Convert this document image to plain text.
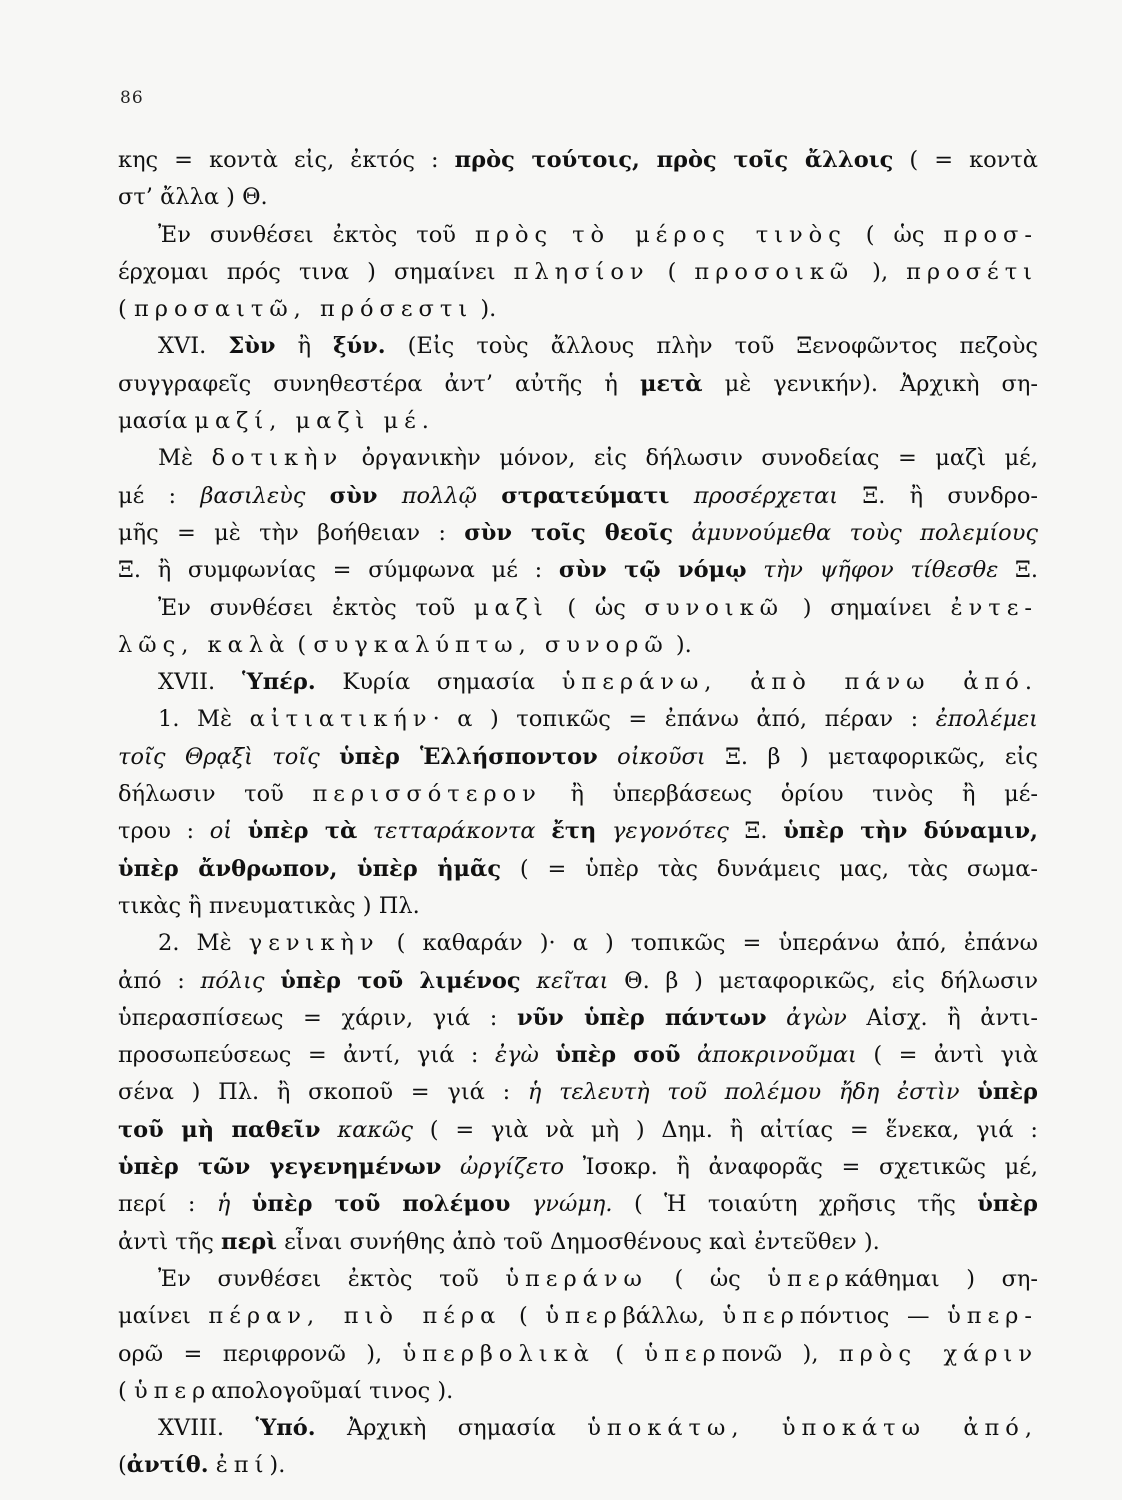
86
κης = κοντὰ εἰς, ἐκτός : πρὸς τούτοις, πρὸς τοῖς ἄλλοις ( = κοντὰ
στ’ ἄλλα ) Θ.
Ἐν συνθέσει ἐκτὸς τοῦ πρὸς τὸ μέρος τινὸς ( ὡς προσ-
έρχομαι πρός τινα ) σημαίνει πλησίον ( προσοικῶ ), προσέτι
( προσαιτῶ, πρόσεστι ).
XVI. Σὺν ἢ ξύν. (Εἰς τοὺς ἄλλους πλὴν τοῦ Ξενοφῶντος πεζοὺς
συγγραφεῖς συνηθεστέρα ἀντ’ αὐτῆς ἡ μετὰ μὲ γενικήν). Ἀρχικὴ ση-
μασία μαζί, μαζὶ μέ.
Μὲ δοτικὴν ὀργανικὴν μόνον, εἰς δήλωσιν συνοδείας = μαζὶ μέ,
μέ : βασιλεὺς σὺν πολλῷ στρατεύματι προσέρχεται Ξ. ἢ συνδρο-
μῆς = μὲ τὴν βοήθειαν : σὺν τοῖς θεοῖς ἀμυνούμεθα τοὺς πολεμίους
Ξ. ἢ συμφωνίας = σύμφωνα μέ : σὺν τῷ νόμῳ τὴν ψῆφον τίθεσθε Ξ.
Ἐν συνθέσει ἐκτὸς τοῦ μαζὶ ( ὡς συνοικῶ ) σημαίνει ἐντε-
λῶς, καλὰ ( συγκαλύπτω, συνορῶ ).
XVII. Ὑπέρ. Κυρία σημασία ὑπεράνω, ἀπὸ πάνω ἀπό.
1. Μὲ αἰτιατικήν· α ) τοπικῶς = ἐπάνω ἀπό, πέραν : ἐπολέμει
τοῖς Θρᾳξὶ τοῖς ὑπὲρ Ἑλλήσποντον οἰκοῦσι Ξ. β ) μεταφορικῶς, εἰς
δήλωσιν τοῦ περισσότερον ἢ ὑπερβάσεως ὁρίου τινὸς ἢ μέ-
τρου : οἱ ὑπὲρ τὰ τετταράκοντα ἔτη γεγονότες Ξ. ὑπὲρ τὴν δύναμιν,
ὑπὲρ ἄνθρωπον, ὑπὲρ ἡμᾶς ( = ὑπὲρ τὰς δυνάμεις μας, τὰς σωμα-
τικὰς ἢ πνευματικὰς ) Πλ.
2. Μὲ γενικὴν ( καθαράν )· α ) τοπικῶς = ὑπεράνω ἀπό, ἐπάνω
ἀπό : πόλις ὑπὲρ τοῦ λιμένος κεῖται Θ. β ) μεταφορικῶς, εἰς δήλωσιν
ὑπερασπίσεως = χάριν, γιά : νῦν ὑπὲρ πάντων ἀγὼν Αἰσχ. ἢ ἀντι-
προσωπεύσεως = ἀντί, γιά : ἐγὼ ὑπὲρ σοῦ ἀποκρινοῦμαι ( = ἀντὶ γιὰ
σένα ) Πλ. ἢ σκοποῦ = γιά : ἡ τελευτὴ τοῦ πολέμου ἤδη ἐστὶν ὑπὲρ
τοῦ μὴ παθεῖν κακῶς ( = γιὰ νὰ μὴ ) Δημ. ἢ αἰτίας = ἕνεκα, γιά :
ὑπὲρ τῶν γεγενημένων ὠργίζετο Ἰσοκρ. ἢ ἀναφορᾶς = σχετικῶς μέ,
περί : ἡ ὑπὲρ τοῦ πολέμου γνώμη. ( Ἡ τοιαύτη χρῆσις τῆς ὑπὲρ
ἀντὶ τῆς περὶ εἶναι συνήθης ἀπὸ τοῦ Δημοσθένους καὶ ἐντεῦθεν ).
Ἐν συνθέσει ἐκτὸς τοῦ ὑπεράνω ( ὡς ὑπερκάθημαι ) ση-
μαίνει πέραν, πιὸ πέρα ( ὑπερβάλλω, ὑπερπόντιος — ὑπερ-
ορῶ = περιφρονῶ ), ὑπερβολικὰ ( ὑπερπονῶ ), πρὸς χάριν
( ὑπεραπολογοῦμαί τινος ).
XVIII. Ὑπό. Ἀρχικὴ σημασία ὑποκάτω, ὑποκάτω ἀπό,
(ἀντίθ. ἐπί).
